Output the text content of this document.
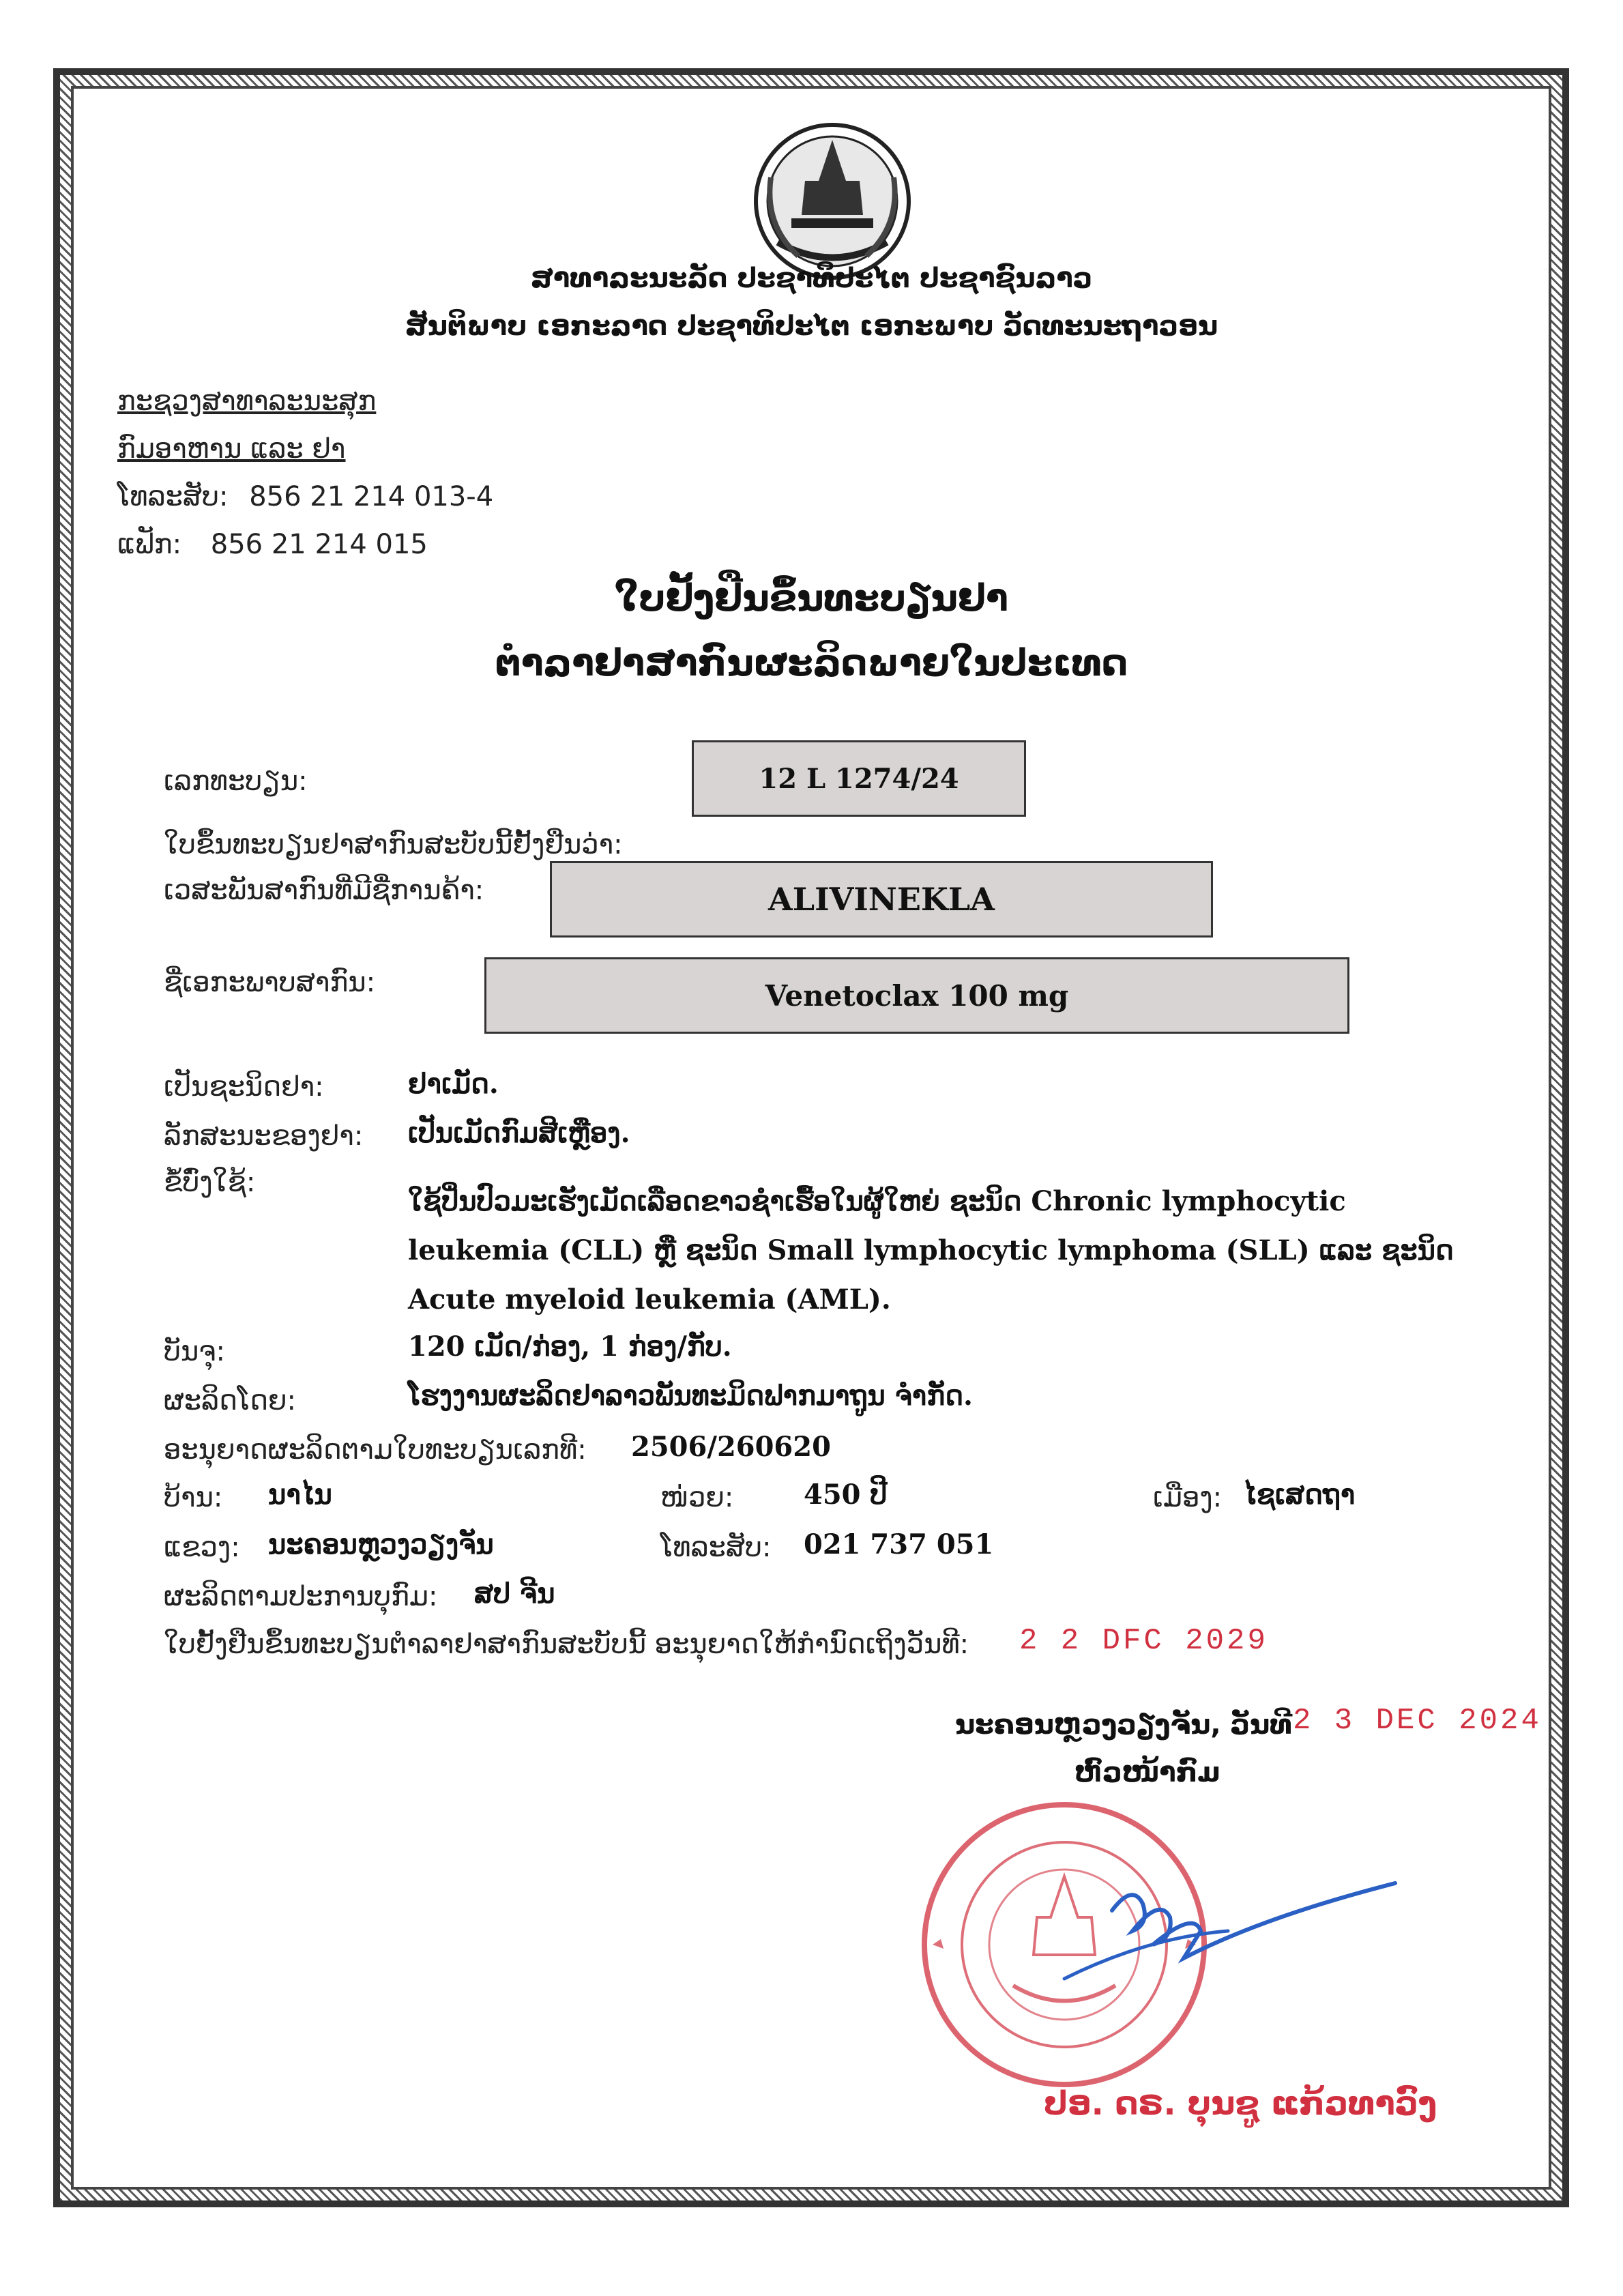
ສາທາລະນະລັດ ປະຊາທິປະໄຕ ປະຊາຊົນລາວ
ສັນຕິພາບ ເອກະລາດ ປະຊາທິປະໄຕ ເອກະພາບ ວັດທະນະຖາວອນ
ກະຊວງສາທາລະນະສຸກ
ກົມອາຫານ ແລະ ຢາ
ໂທລະສັບ: 856 21 214 013-4
ແຟັກ: 856 21 214 015
ໃບຢັ້ງຢືນຂຶ້ນທະບຽນຢາ
ຕຳລາຢາສາກົນຜະລິດພາຍໃນປະເທດ
ເລກທະບຽນ:	12 L 1274/24
ໃບຂຶ້ນທະບຽນຢາສາກົນສະບັບນີ້ຢັ້ງຢືນວ່າ:
ເວສະພັນສາກົນທີ່ມີຊື່ການຄ້າ:	ALIVINEKLA
ຊື່ເອກະພາບສາກົນ:	Venetoclax 100 mg
ເປັນຊະນິດຢາ:	ຢາເມັດ.
ລັກສະນະຂອງຢາ: ເປັນເມັດກົມສີເຫຼືອງ.
ຂໍ້ບົ່ງໃຊ້:
ໃຊ້ປິ່ນປົວມະເຮັງເມັດເລືອດຂາວຊຳເຮື້ອໃນຜູ້ໃຫຍ່ ຊະນິດ Chronic lymphocytic leukemia (CLL) ຫຼື ຊະນິດ Small lymphocytic lymphoma (SLL) ແລະ ຊະນິດ Acute myeloid leukemia (AML).
ບັນຈຸ:	120 ເມັດ/ກ່ອງ, 1 ກ່ອງ/ກັບ.
ຜະລິດໂດຍ:	ໂຮງງານຜະລິດຢາລາວພັນທະມິດຟາກມາຖູນ ຈຳກັດ.
ອະນຸຍາດຜະລິດຕາມໃບທະບຽນເລກທີ: 2506/260620
ບ້ານ: ນາໄນ	ໜ່ວຍ:	450 ປີ	ເມືອງ: ໄຊເສດຖາ
ແຂວງ: ນະຄອນຫຼວງວຽງຈັນ	ໂທລະສັບ: 021 737 051
ຜະລິດຕາມປະການບຸກົມ: ສປ ຈີນ
ໃບຢັ້ງຢືນຂຶ້ນທະບຽນຕຳລາຢາສາກົນສະບັບນີ້ ອະນຸຍາດໃຫ້ກຳນົດເຖິງວັນທີ: 2 2 DFC 2029
ນະຄອນຫຼວງວຽງຈັນ, ວັນທີ 2 3 DEC 2024
ຫົວໜ້າກົມ
ປອ. ດຣ. ບຸນຊູ ແກ້ວທາວົງ
